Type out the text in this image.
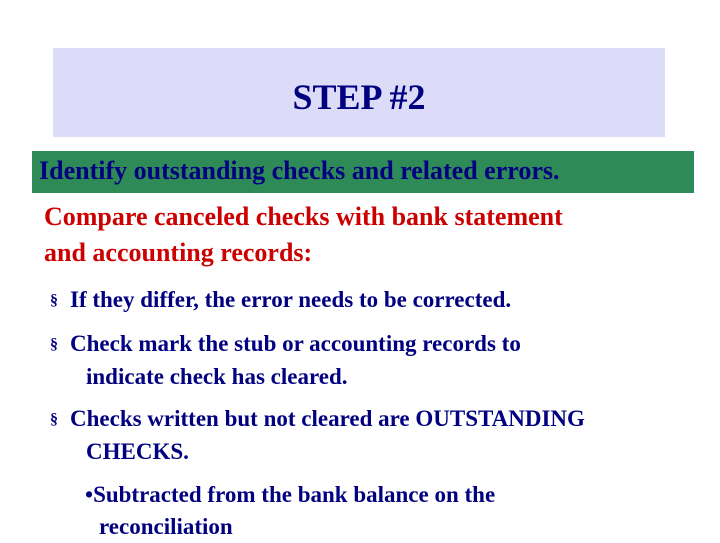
STEP #2
Identify outstanding checks and related errors.
Compare canceled checks with bank statement
and accounting records:
§ If they differ, the error needs to be corrected.
§ Check mark the stub or accounting records to
indicate check has cleared.
§ Checks written but not cleared are OUTSTANDING
CHECKS.
•Subtracted from the bank balance on the
reconciliation
